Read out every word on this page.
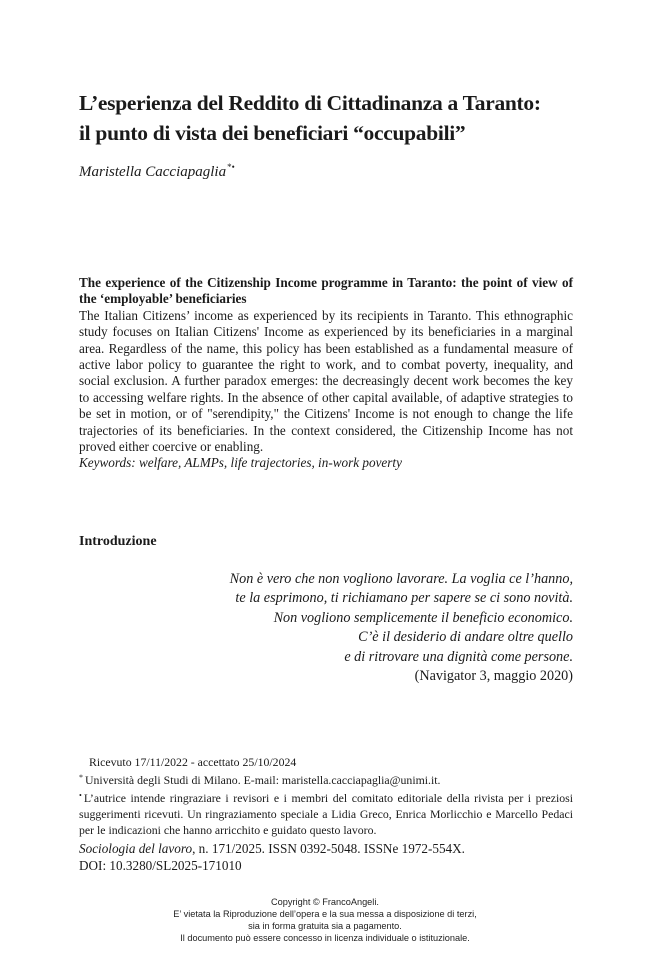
L’esperienza del Reddito di Cittadinanza a Taranto:
il punto di vista dei beneficiari “occupabili”

Maristella Cacciapaglia*•

The experience of the Citizenship Income programme in Taranto: the point of view of the ‘employable’ beneficiaries

The Italian Citizens’ income as experienced by its recipients in Taranto. This ethnographic study focuses on Italian Citizens' Income as experienced by its beneficiaries in a marginal area. Regardless of the name, this policy has been established as a fundamental measure of active labor policy to guarantee the right to work, and to combat poverty, inequality, and social exclusion. A further paradox emerges: the decreasingly decent work becomes the key to accessing welfare rights. In the absence of other capital available, of adaptive strategies to be set in motion, or of "serendipity," the Citizens' Income is not enough to change the life trajectories of its beneficiaries. In the context considered, the Citizenship Income has not proved either coercive or enabling.

Keywords: welfare, ALMPs, life trajectories, in-work poverty

Introduzione
Non è vero che non vogliono lavorare. La voglia ce l’hanno,
te la esprimono, ti richiamano per sapere se ci sono novità.
Non vogliono semplicemente il beneficio economico.
C’è il desiderio di andare oltre quello
e di ritrovare una dignità come persone.
(Navigator 3, maggio 2020)

Ricevuto 17/11/2022 - accettato 25/10/2024

* Università degli Studi di Milano. E-mail: maristella.cacciapaglia@unimi.it.

• L’autrice intende ringraziare i revisori e i membri del comitato editoriale della rivista per i preziosi suggerimenti ricevuti. Un ringraziamento speciale a Lidia Greco, Enrica Morlicchio e Marcello Pedaci per le indicazioni che hanno arricchito e guidato questo lavoro.

Sociologia del lavoro, n. 171/2025. ISSN 0392-5048. ISSNe 1972-554X.

DOI: 10.3280/SL2025-171010

Copyright © FrancoAngeli.

E’ vietata la Riproduzione dell’opera e la sua messa a disposizione di terzi,

sia in forma gratuita sia a pagamento.

Il documento può essere concesso in licenza individuale o istituzionale.
